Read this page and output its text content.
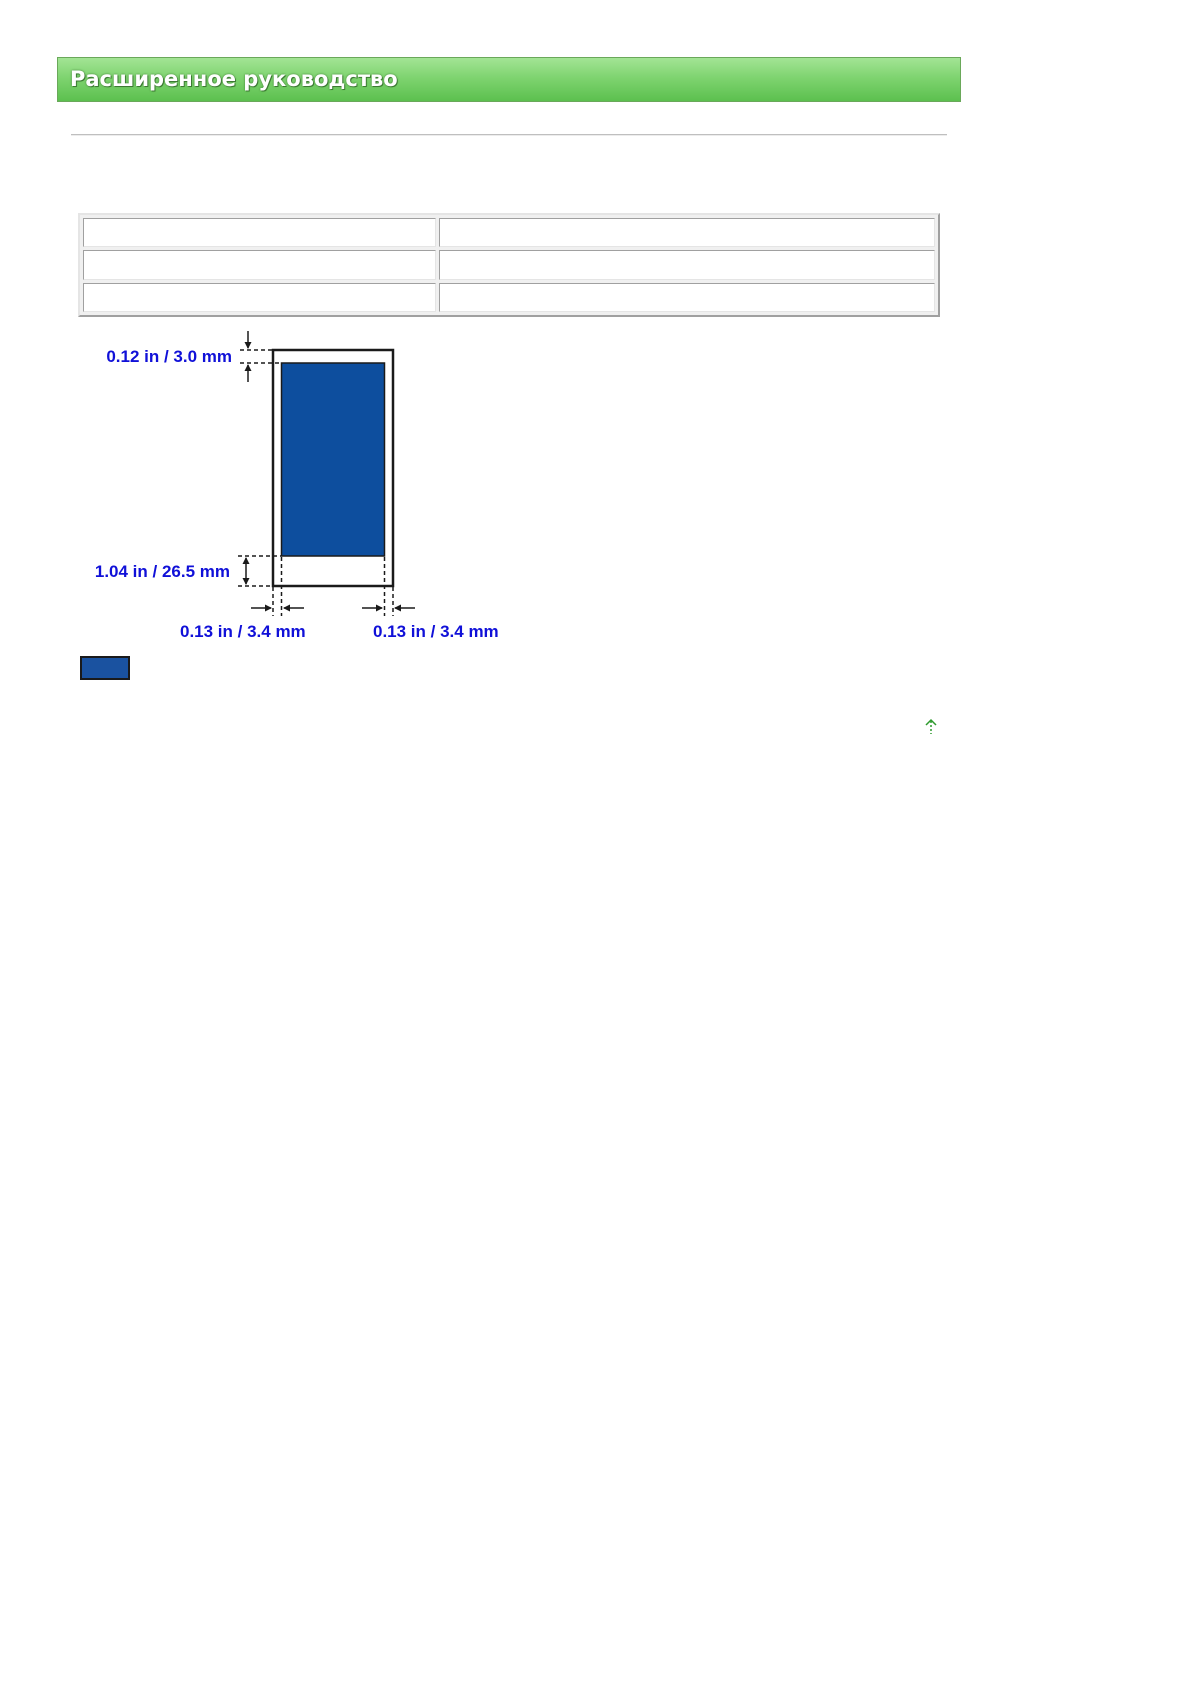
Расширенное руководство

0.12 in / 3.0 mm
1.04 in / 26.5 mm
0.13 in / 3.4 mm	0.13 in / 3.4 mm
